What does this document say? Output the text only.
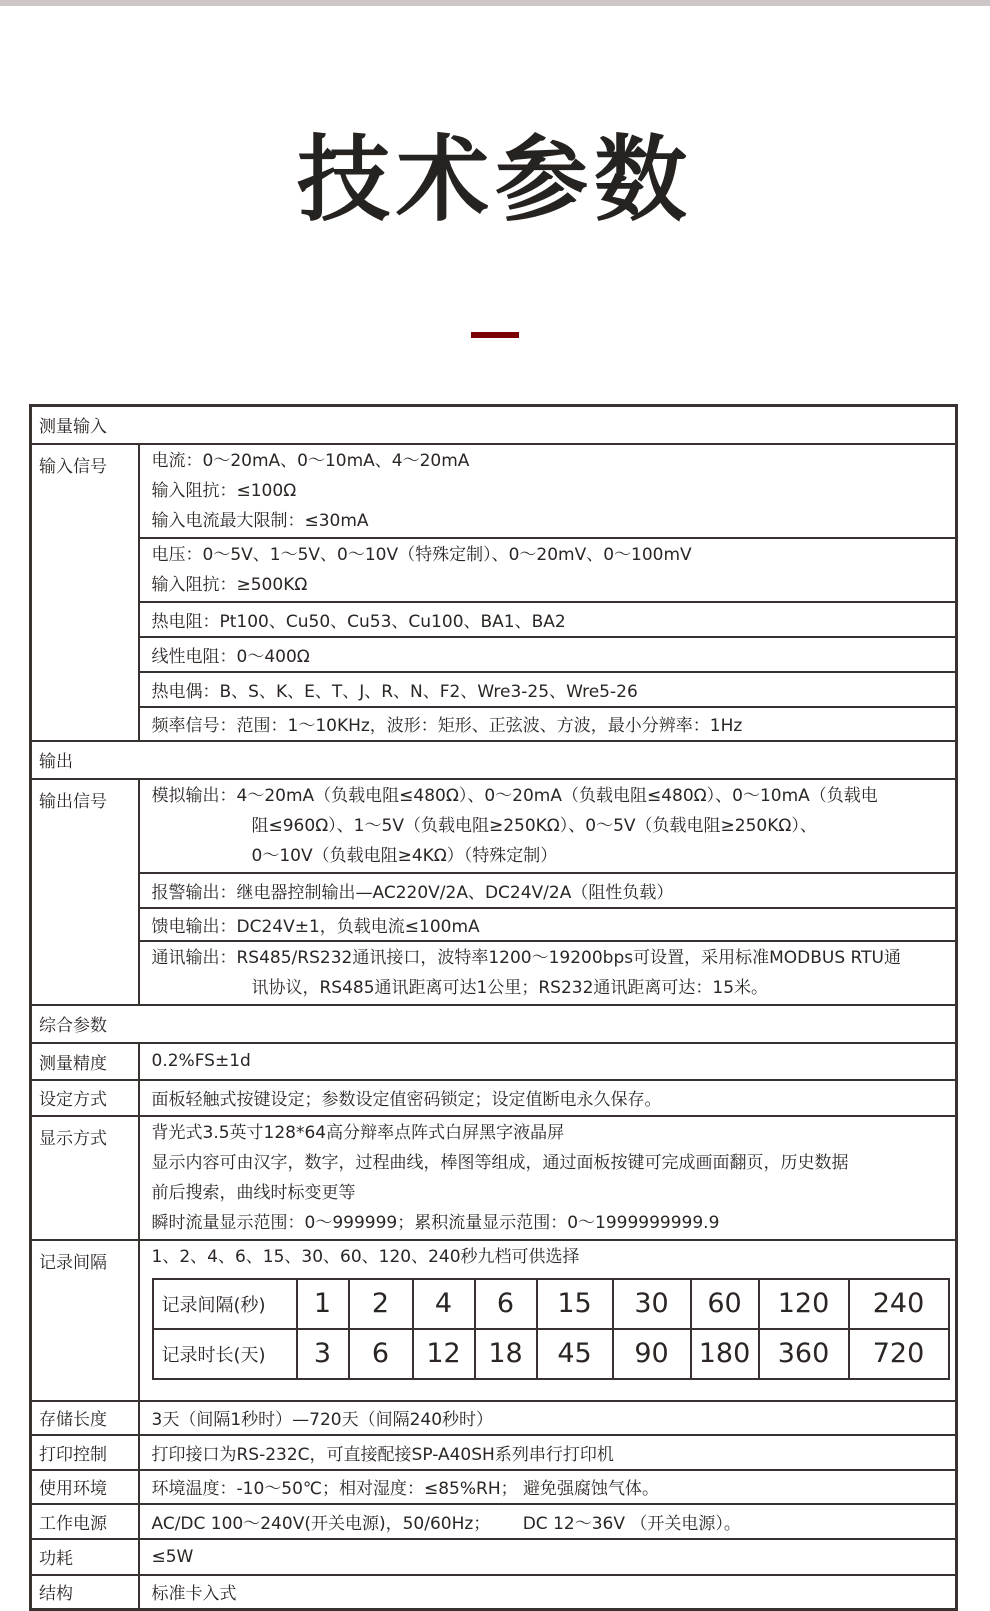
技术参数
测量输入
输入信号	电流：0～20mA、0～10mA、4～20mA
输入阻抗：≤100Ω
输入电流最大限制：≤30mA

电压：0～5V、1～5V、0～10V（特殊定制）、0～20mV、0～100mV
输入阻抗：≥500KΩ

热电阻：Pt100、Cu50、Cu53、Cu100、BA1、BA2
线性电阻：0～400Ω
热电偶：B、S、K、E、T、J、R、N、F2、Wre3-25、Wre5-26
频率信号：范围：1～10KHz，波形：矩形、正弦波、方波，最小分辨率：1Hz
输出
输出信号	模拟输出：4～20mA（负载电阻≤480Ω）、0～20mA（负载电阻≤480Ω）、0～10mA（负载电
阻≤960Ω）、1～5V（负载电阻≥250KΩ）、0～5V（负载电阻≥250KΩ）、
0～10V（负载电阻≥4KΩ）（特殊定制）

报警输出：继电器控制输出—AC220V/2A、DC24V/2A（阻性负载）
馈电输出：DC24V±1，负载电流≤100mA

通讯输出：RS485/RS232通讯接口，波特率1200～19200bps可设置，采用标准MODBUS RTU通
讯协议，RS485通讯距离可达1公里；RS232通讯距离可达：15米。

综合参数
测量精度	0.2%FS±1d
设定方式	面板轻触式按键设定；参数设定值密码锁定；设定值断电永久保存。
显示方式	背光式3.5英寸128*64高分辩率点阵式白屏黑字液晶屏
显示内容可由汉字，数字，过程曲线，棒图等组成，通过面板按键可完成画面翻页，历史数据
前后搜索，曲线时标变更等
瞬时流量显示范围：0～999999；累积流量显示范围：0～1999999999.9

记录间隔	1、2、4、6、15、30、60、120、240秒九档可供选择
记录间隔(秒)	1	2	4	6	15	30	60	120	240
记录时长(天)	3	6	12	18	45	90	180	360	720

存储长度	3天（间隔1秒时）—720天（间隔240秒时）
打印控制	打印接口为RS-232C，可直接配接SP-A40SH系列串行打印机
使用环境	环境温度：-10～50℃；相对湿度：≤85%RH； 避免强腐蚀气体。
工作电源	AC/DC 100～240V(开关电源)，50/60Hz；      DC 12～36V （开关电源）。
功耗	≤5W
结构	标准卡入式
